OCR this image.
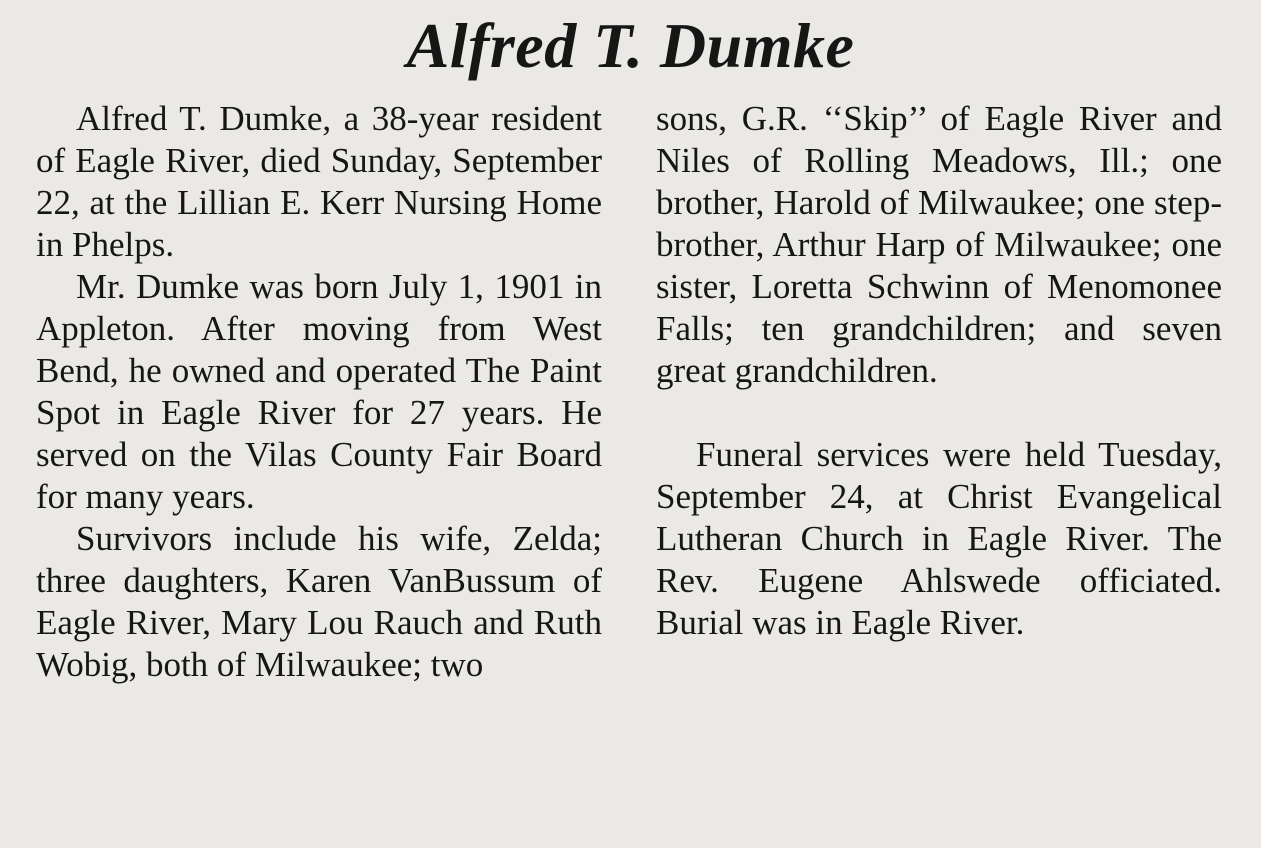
Alfred T. Dumke

Alfred T. Dumke, a 38-year resident of Eagle River, died Sunday, September 22, at the Lillian E. Kerr Nursing Home in Phelps.

Mr. Dumke was born July 1, 1901 in Appleton. After moving from West Bend, he owned and operated The Paint Spot in Eagle River for 27 years. He served on the Vilas County Fair Board for many years.

Survivors include his wife, Zelda; three daughters, Karen VanBussum of Eagle River, Mary Lou Rauch and Ruth Wobig, both of Milwaukee; two

sons, G.R. ‘‘Skip’’ of Eagle River and Niles of Rolling Meadows, Ill.; one brother, Harold of Milwaukee; one step-brother, Arthur Harp of Milwaukee; one sister, Loretta Schwinn of Menomonee Falls; ten grandchildren; and seven great grandchildren.

Funeral services were held Tuesday, September 24, at Christ Evangelical Lutheran Church in Eagle River. The Rev. Eugene Ahlswede officiated. Burial was in Eagle River.
